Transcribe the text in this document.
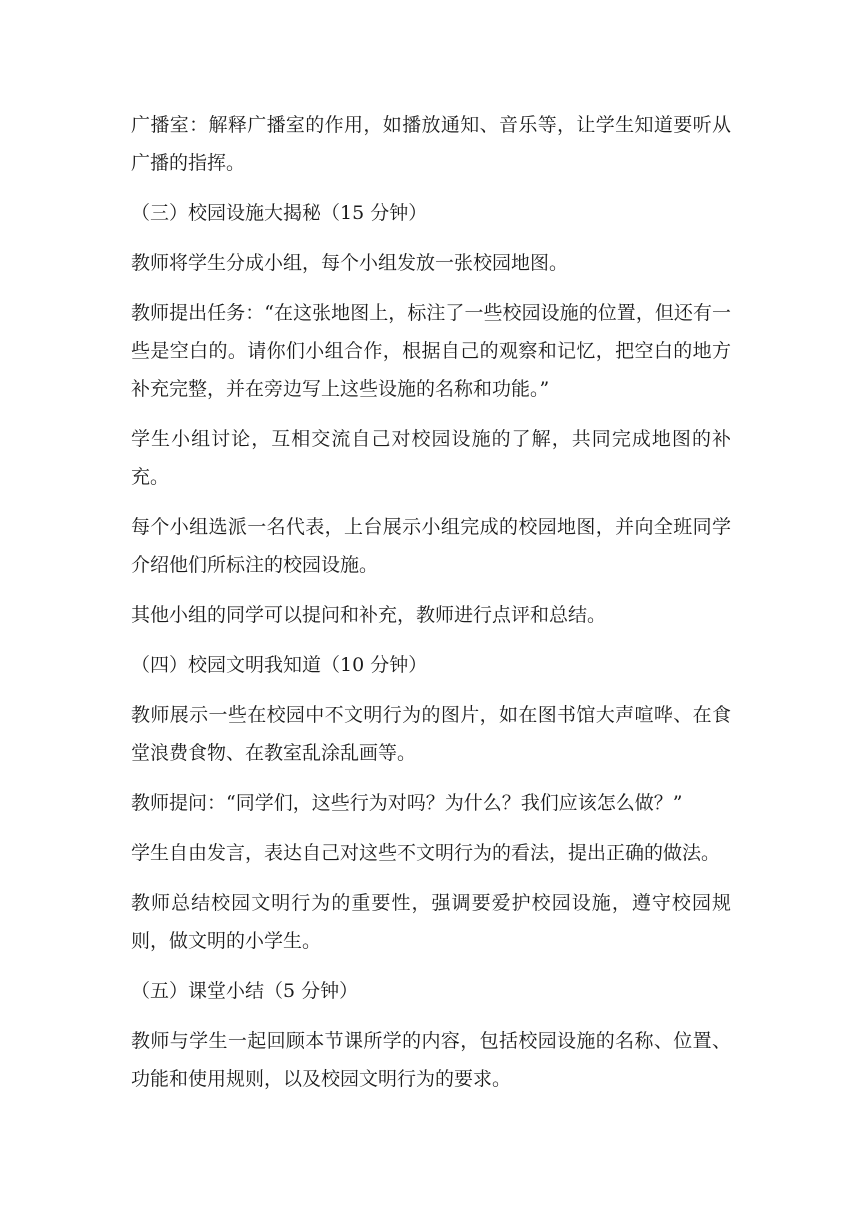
广播室：解释广播室的作用，如播放通知、音乐等，让学生知道要听从广播的指挥。

（三）校园设施大揭秘（15 分钟）

教师将学生分成小组，每个小组发放一张校园地图。

教师提出任务：“在这张地图上，标注了一些校园设施的位置，但还有一些是空白的。请你们小组合作，根据自己的观察和记忆，把空白的地方补充完整，并在旁边写上这些设施的名称和功能。”

学生小组讨论，互相交流自己对校园设施的了解，共同完成地图的补充。

每个小组选派一名代表，上台展示小组完成的校园地图，并向全班同学介绍他们所标注的校园设施。

其他小组的同学可以提问和补充，教师进行点评和总结。

（四）校园文明我知道（10 分钟）

教师展示一些在校园中不文明行为的图片，如在图书馆大声喧哗、在食堂浪费食物、在教室乱涂乱画等。

教师提问：“同学们，这些行为对吗？为什么？我们应该怎么做？”

学生自由发言，表达自己对这些不文明行为的看法，提出正确的做法。

教师总结校园文明行为的重要性，强调要爱护校园设施，遵守校园规则，做文明的小学生。

（五）课堂小结（5 分钟）

教师与学生一起回顾本节课所学的内容，包括校园设施的名称、位置、功能和使用规则，以及校园文明行为的要求。
